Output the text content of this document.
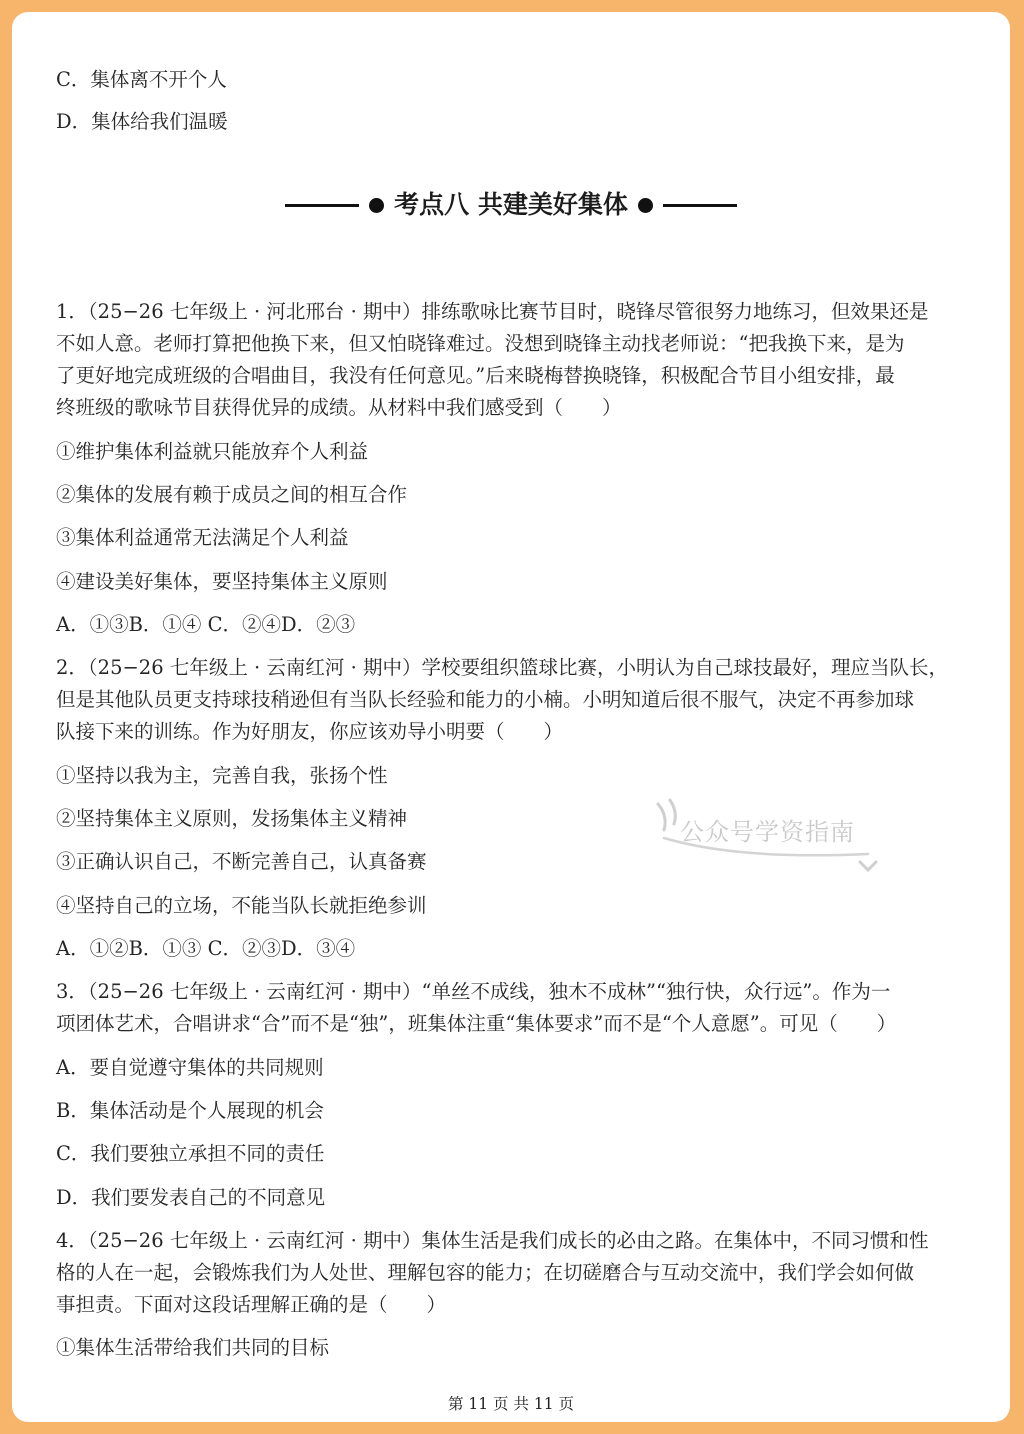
C．集体离不开个人
D．集体给我们温暖
考点八 共建美好集体

1．（25−26 七年级上 · 河北邢台 · 期中）排练歌咏比赛节目时，晓锋尽管很努力地练习，但效果还是

不如人意。老师打算把他换下来，但又怕晓锋难过。没想到晓锋主动找老师说：“把我换下来，是为

了更好地完成班级的合唱曲目，我没有任何意见。”后来晓梅替换晓锋，积极配合节目小组安排，最

终班级的歌咏节目获得优异的成绩。从材料中我们感受到（　　）

①维护集体利益就只能放弃个人利益
②集体的发展有赖于成员之间的相互合作
③集体利益通常无法满足个人利益
④建设美好集体，要坚持集体主义原则
A．①③B．①④ C．②④D．②③

2．（25−26 七年级上 · 云南红河 · 期中）学校要组织篮球比赛，小明认为自己球技最好，理应当队长，

但是其他队员更支持球技稍逊但有当队长经验和能力的小楠。小明知道后很不服气，决定不再参加球

队接下来的训练。作为好朋友，你应该劝导小明要（　　）

①坚持以我为主，完善自我，张扬个性
②坚持集体主义原则，发扬集体主义精神
③正确认识自己，不断完善自己，认真备赛
④坚持自己的立场，不能当队长就拒绝参训
A．①②B．①③ C．②③D．③④

3．（25−26 七年级上 · 云南红河 · 期中）“单丝不成线，独木不成林”“独行快，众行远”。作为一

项团体艺术，合唱讲求“合”而不是“独”，班集体注重“集体要求”而不是“个人意愿”。可见（　　）

A．要自觉遵守集体的共同规则
B．集体活动是个人展现的机会
C．我们要独立承担不同的责任
D．我们要发表自己的不同意见

4．（25−26 七年级上 · 云南红河 · 期中）集体生活是我们成长的必由之路。在集体中，不同习惯和性

格的人在一起，会锻炼我们为人处世、理解包容的能力；在切磋磨合与互动交流中，我们学会如何做

事担责。下面对这段话理解正确的是（　　）

①集体生活带给我们共同的目标
公众号学资指南
第 11 页 共 11 页
